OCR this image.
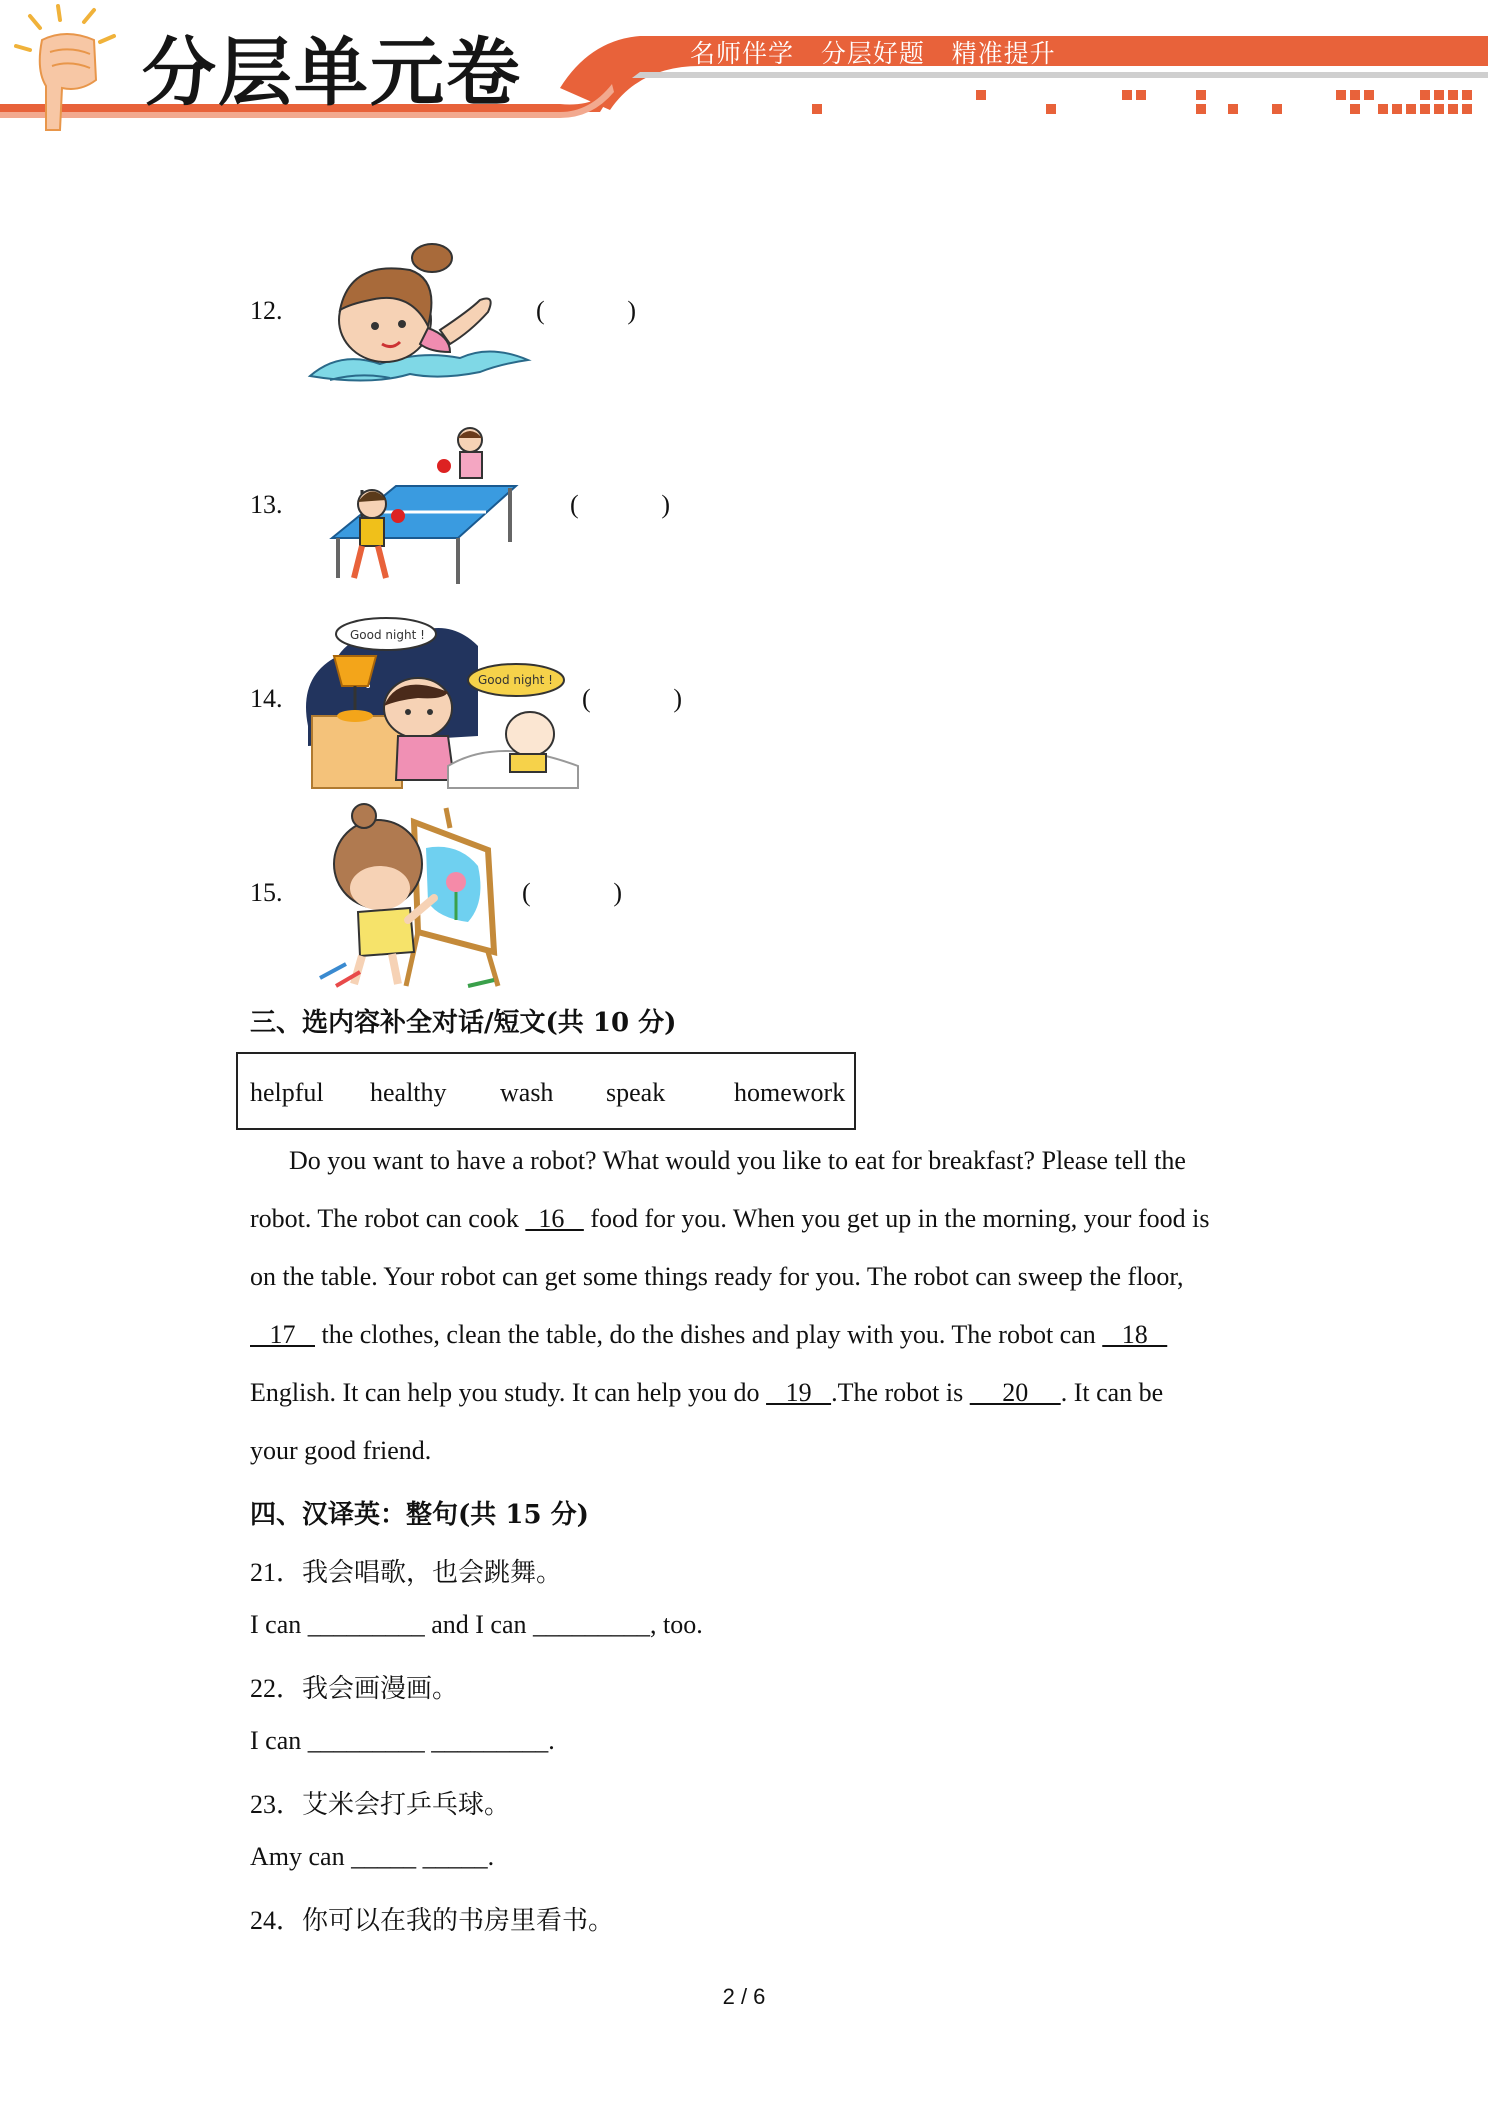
分层单元卷	名师伴学   分层好题   精准提升
12.	(	)
13.	(	)
14.
Good night !
Good night !
(	)
15.	(	)
三、选内容补全对话/短文(共 10 分)
helpful healthy wash speak	homework
Do you want to have a robot? What would you like to eat for breakfast? Please tell the
robot. The robot can cook   16    food for you. When you get up in the morning, your food is
on the table. Your robot can get some things ready for you. The robot can sweep the floor,
17    the clothes, clean the table, do the dishes and play with you. The robot can    18
English. It can help you study. It can help you do    19   .The robot is      20     . It can be
your good friend.
四、汉译英：整句(共 15 分)
21．我会唱歌，也会跳舞。
I can _________ and I can _________, too.
22．我会画漫画。
I can _________ _________.
23．艾米会打乒乓球。
Amy can _____ _____.
24．你可以在我的书房里看书。
2 / 6
